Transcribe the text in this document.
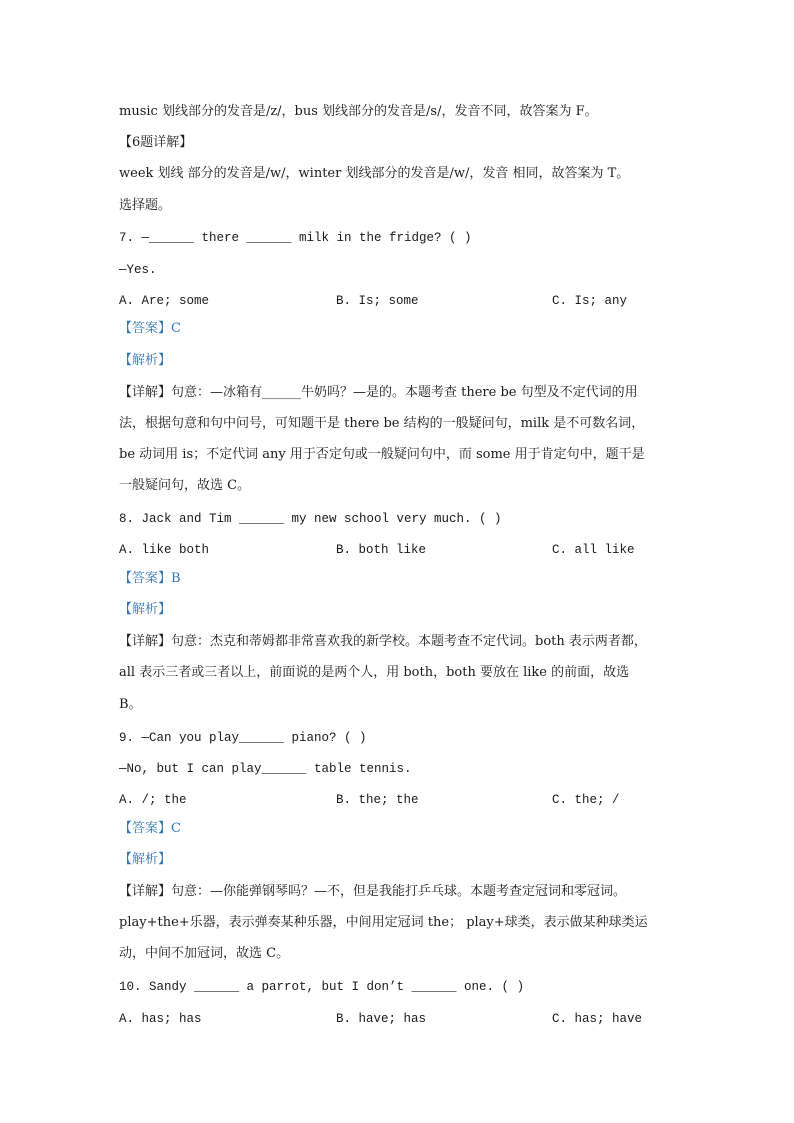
music 划线部分的发音是/z/，bus 划线部分的发音是/s/，发音不同，故答案为 F。
【6题详解】
week 划线 部分的发音是/w/，winter 划线部分的发音是/w/，发音 相同，故答案为 T。
选择题。
7. —______ there ______ milk in the fridge? ( )
—Yes.
A. Are; some	B. Is; some	C. Is; any
【答案】C
【解析】
【详解】句意：—冰箱有______牛奶吗？—是的。本题考查 there be 句型及不定代词的用
法，根据句意和句中问号，可知题干是 there be 结构的一般疑问句，milk 是不可数名词，
be 动词用 is；不定代词 any 用于否定句或一般疑问句中，而 some 用于肯定句中，题干是
一般疑问句，故选 C。
8. Jack and Tim ______ my new school very much. ( )
A. like both	B. both like	C. all like
【答案】B
【解析】
【详解】句意：杰克和蒂姆都非常喜欢我的新学校。本题考查不定代词。both 表示两者都，
all 表示三者或三者以上，前面说的是两个人，用 both，both 要放在 like 的前面，故选
B。
9. —Can you play______ piano? ( )
—No, but I can play______ table tennis.
A. /; the	B. the; the	C. the; /
【答案】C
【解析】
【详解】句意：—你能弹钢琴吗？—不，但是我能打乒乓球。本题考查定冠词和零冠词。
play+the+乐器，表示弹奏某种乐器，中间用定冠词 the； play+球类，表示做某种球类运
动，中间不加冠词，故选 C。
10. Sandy ______ a parrot, but I don’t ______ one. ( )
A. has; has	B. have; has	C. has; have
